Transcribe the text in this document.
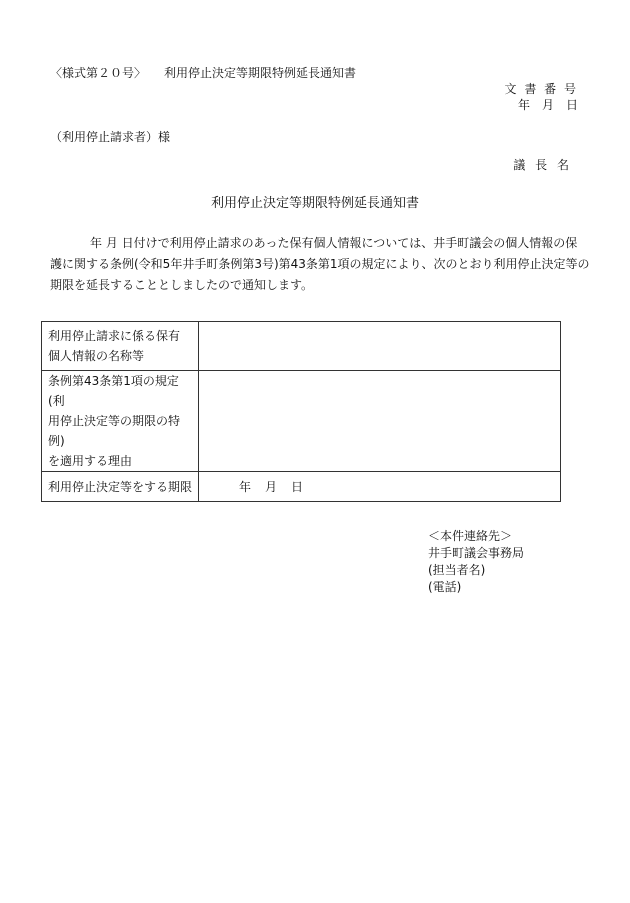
〈様式第２０号〉　　利用停止決定等期限特例延長通知書
文 書 番 号
年　月　日
（利用停止請求者）様
議 長 名
利用停止決定等期限特例延長通知書
年 月 日付けで利用停止請求のあった保有個人情報については、井手町議会の個人情報の保
護に関する条例(令和5年井手町条例第3号)第43条第1項の規定により、次のとおり利用停止決定等の
期限を延長することとしましたので通知します。
利用停止請求に係る保有
個人情報の名称等	

条例第43条第1項の規定(利
用停止決定等の期限の特例)
を適用する理由	

利用停止決定等をする期限	年　月　日
＜本件連絡先＞
井手町議会事務局
(担当者名)
(電話)
